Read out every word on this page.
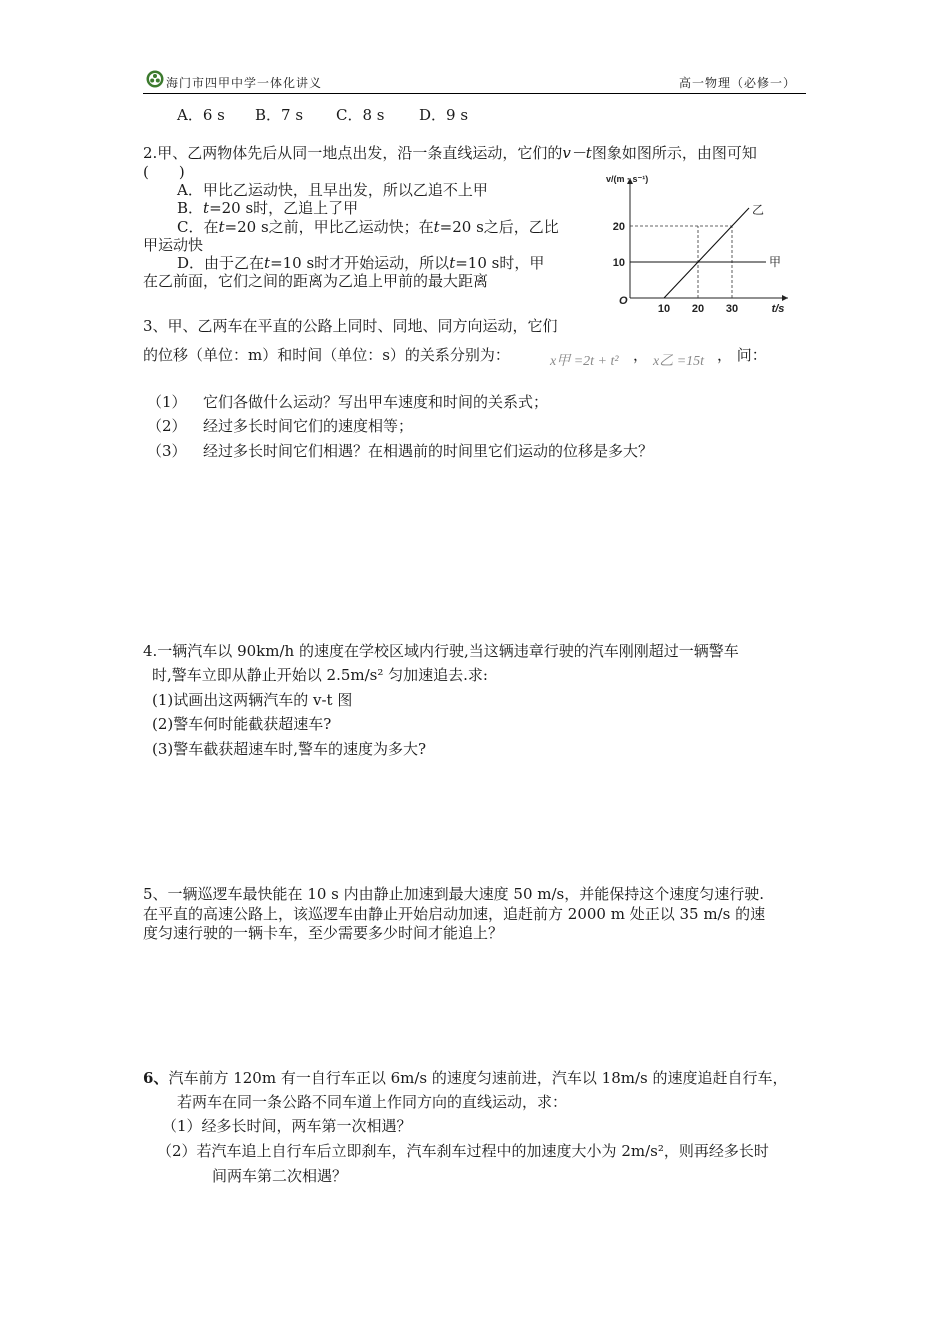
海门市四甲中学一体化讲义	高一物理（必修一）
A．6 s B．7 s C．8 s D．9 s
2.甲、乙两物体先后从同一地点出发，沿一条直线运动，它们的v－t图象如图所示，由图可知
(　　)
A．甲比乙运动快，且早出发，所以乙追不上甲
B．t=20 s时，乙追上了甲
C．在t=20 s之前，甲比乙运动快；在t=20 s之后，乙比
甲运动快
D．由于乙在t=10 s时才开始运动，所以t=10 s时，甲
在乙前面，它们之间的距离为乙追上甲前的最大距离
甲
乙
10 20 30
10
20
O
t/s
v/(m · s⁻¹)
3、甲、乙两车在平直的公路上同时、同地、同方向运动，它们
的位移（单位：m）和时间（单位：s）的关系分别为：	x甲 =2t + t² ， x乙 =15t ， 问：
（1） 它们各做什么运动？写出甲车速度和时间的关系式；
（2） 经过多长时间它们的速度相等；
（3） 经过多长时间它们相遇？在相遇前的时间里它们运动的位移是多大？
4.一辆汽车以 90km/h 的速度在学校区域内行驶,当这辆违章行驶的汽车刚刚超过一辆警车
时,警车立即从静止开始以 2.5m/s² 匀加速追去.求:
(1)试画出这两辆汽车的 v-t 图
(2)警车何时能截获超速车?
(3)警车截获超速车时,警车的速度为多大?
5、一辆巡逻车最快能在 10 s 内由静止加速到最大速度 50 m/s，并能保持这个速度匀速行驶.
在平直的高速公路上，该巡逻车由静止开始启动加速，追赶前方 2000 m 处正以 35 m/s 的速
度匀速行驶的一辆卡车，至少需要多少时间才能追上？
6、汽车前方 120m 有一自行车正以 6m/s 的速度匀速前进，汽车以 18m/s 的速度追赶自行车，
若两车在同一条公路不同车道上作同方向的直线运动，求：
（1）经多长时间，两车第一次相遇？
（2）若汽车追上自行车后立即刹车，汽车刹车过程中的加速度大小为 2m/s²，则再经多长时
间两车第二次相遇？
